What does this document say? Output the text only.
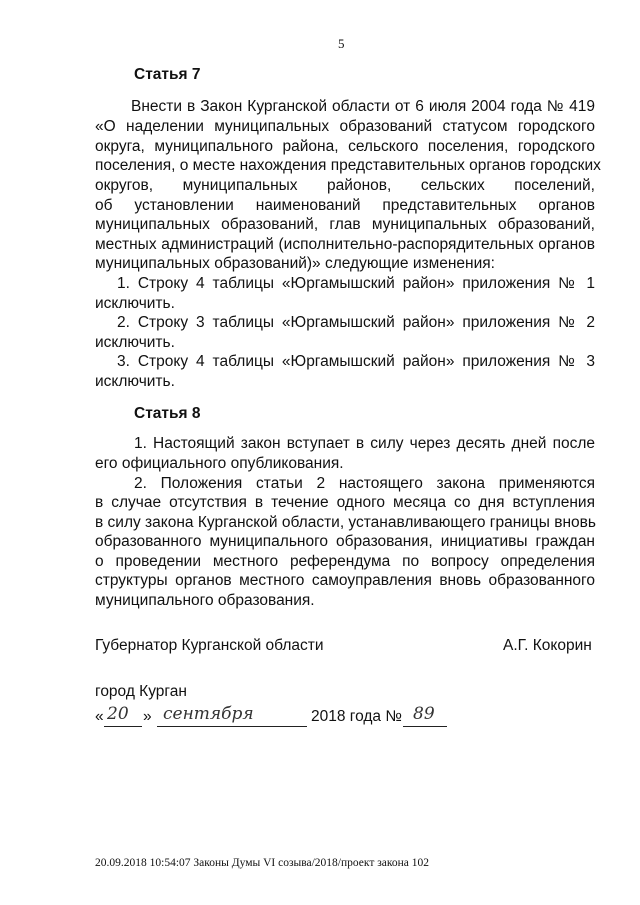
5
Статья 7
Внести в Закон Курганской области от 6 июля 2004 года № 419
«О наделении муниципальных образований статусом городского
округа, муниципального района, сельского поселения, городского
поселения, о месте нахождения представительных органов городских
округов, муниципальных районов, сельских поселений,
об установлении наименований представительных органов
муниципальных образований, глав муниципальных образований,
местных администраций (исполнительно-распорядительных органов
муниципальных образований)» следующие изменения:
1. Строку 4 таблицы «Юргамышский район» приложения № 1
исключить.
2. Строку 3 таблицы «Юргамышский район» приложения № 2
исключить.
3. Строку 4 таблицы «Юргамышский район» приложения № 3
исключить.
Статья 8
1. Настоящий закон вступает в силу через десять дней после
его официального опубликования.
2. Положения статьи 2 настоящего закона применяются
в случае отсутствия в течение одного месяца со дня вступления
в силу закона Курганской области, устанавливающего границы вновь
образованного муниципального образования, инициативы граждан
о проведении местного референдума по вопросу определения
структуры органов местного самоуправления вновь образованного
муниципального образования.
Губернатор Курганской области	А.Г. Кокорин
город Курган
« 20 » сентября	2018 года № 89
20.09.2018 10:54:07 Законы Думы VI созыва/2018/проект закона 102
